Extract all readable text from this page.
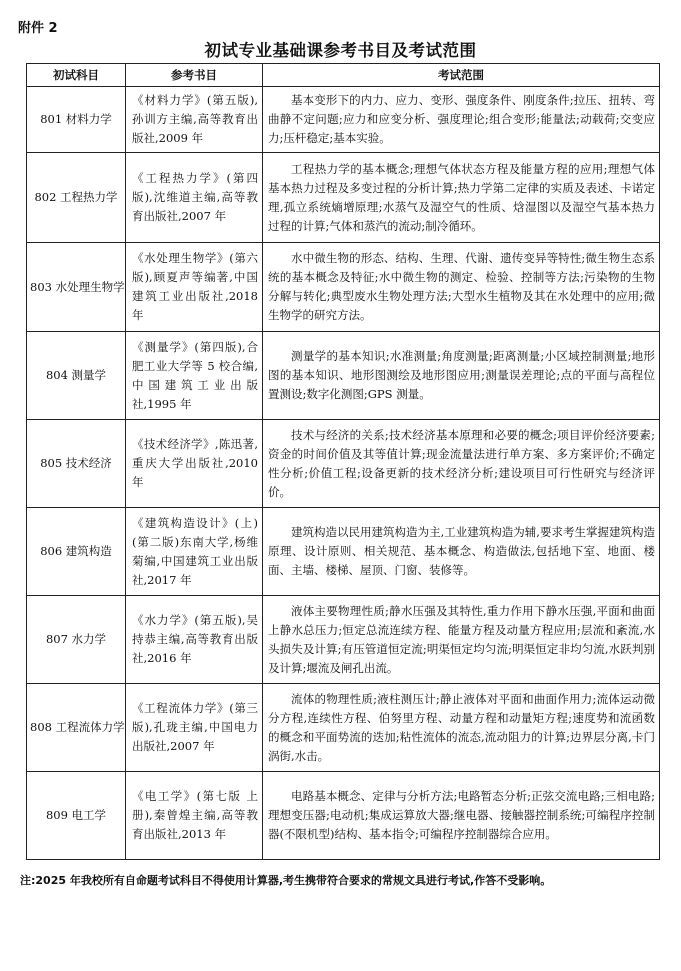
附件 2
初试专业基础课参考书目及考试范围
初试科目	参考书目	考试范围
801 材料力学	《材料力学》(第五版),孙训方主编,高等教育出版社,2009 年	基本变形下的内力、应力、变形、强度条件、刚度条件;拉压、扭转、弯曲静不定问题;应力和应变分析、强度理论;组合变形;能量法;动载荷;交变应力;压杆稳定;基本实验。
802 工程热力学	《工程热力学》(第四版),沈维道主编,高等教育出版社,2007 年	工程热力学的基本概念;理想气体状态方程及能量方程的应用;理想气体基本热力过程及多变过程的分析计算;热力学第二定律的实质及表述、卡诺定理,孤立系统熵增原理;水蒸气及湿空气的性质、焓湿图以及湿空气基本热力过程的计算;气体和蒸汽的流动;制冷循环。
803 水处理生物学	《水处理生物学》(第六版),顾夏声等编著,中国建筑工业出版社,2018 年	水中微生物的形态、结构、生理、代谢、遗传变异等特性;微生物生态系统的基本概念及特征;水中微生物的测定、检验、控制等方法;污染物的生物分解与转化;典型废水生物处理方法;大型水生植物及其在水处理中的应用;微生物学的研究方法。
804 测量学	《测量学》(第四版),合肥工业大学等 5 校合编,中国建筑工业出版社,1995 年	测量学的基本知识;水准测量;角度测量;距离测量;小区域控制测量;地形图的基本知识、地形图测绘及地形图应用;测量误差理论;点的平面与高程位置测设;数字化测图;GPS 测量。
805 技术经济	《技术经济学》,陈迅著,重庆大学出版社,2010 年	技术与经济的关系;技术经济基本原理和必要的概念;项目评价经济要素;资金的时间价值及其等值计算;现金流量法进行单方案、多方案评价;不确定性分析;价值工程;设备更新的技术经济分析;建设项目可行性研究与经济评价。
806 建筑构造	《建筑构造设计》(上)(第二版)东南大学,杨维菊编,中国建筑工业出版社,2017 年	建筑构造以民用建筑构造为主,工业建筑构造为辅,要求考生掌握建筑构造原理、设计原则、相关规范、基本概念、构造做法,包括地下室、地面、楼面、主墙、楼梯、屋顶、门窗、装修等。
807 水力学	《水力学》(第五版),吴持恭主编,高等教育出版社,2016 年	液体主要物理性质;静水压强及其特性,重力作用下静水压强,平面和曲面上静水总压力;恒定总流连续方程、能量方程及动量方程应用;层流和紊流,水头损失及计算;有压管道恒定流;明渠恒定均匀流;明渠恒定非均匀流,水跃判别及计算;堰流及闸孔出流。
808 工程流体力学	《工程流体力学》(第三版),孔珑主编,中国电力出版社,2007 年	流体的物理性质;液柱测压计;静止液体对平面和曲面作用力;流体运动微分方程,连续性方程、伯努里方程、动量方程和动量矩方程;速度势和流函数的概念和平面势流的迭加;粘性流体的流态,流动阻力的计算;边界层分离,卡门涡街,水击。
809 电工学	《电工学》(第七版 上册),秦曾煌主编,高等教育出版社,2013 年	电路基本概念、定律与分析方法;电路暂态分析;正弦交流电路;三相电路;理想变压器;电动机;集成运算放大器;继电器、接触器控制系统;可编程序控制器(不限机型)结构、基本指令;可编程序控制器综合应用。
注:2025 年我校所有自命题考试科目不得使用计算器,考生携带符合要求的常规文具进行考试,作答不受影响。
